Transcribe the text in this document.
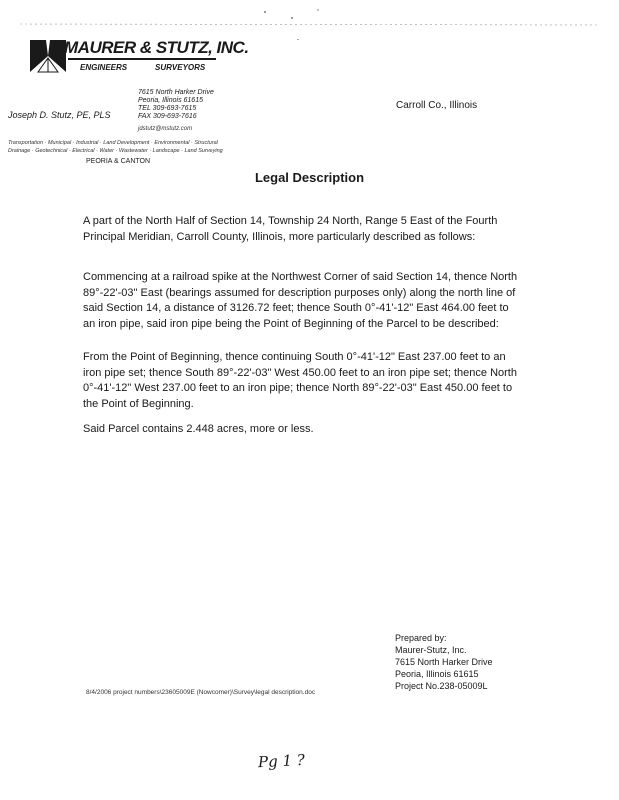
MAURER & STUTZ, INC.
ENGINEERS	SURVEYORS
7615 North Harker Drive
Peoria, Illinois 61615
TEL 309-693-7615
FAX 309-693-7616
Joseph D. Stutz, PE, PLS
jdstutz@mstutz.com
Transportation · Municipal · Industrial · Land Development · Environmental · Structural
Drainage · Geotechnical · Electrical · Water · Wastewater · Landscape · Land Surveying
PEORIA & CANTON
Carroll Co., Illinois
Legal Description

A part of the North Half of Section 14, Township 24 North, Range 5 East of the Fourth Principal Meridian, Carroll County, Illinois, more particularly described as follows:

Commencing at a railroad spike at the Northwest Corner of said Section 14, thence North 89°-22'-03" East (bearings assumed for description purposes only) along the north line of said Section 14, a distance of 3126.72 feet; thence South 0°-41'-12" East 464.00 feet to an iron pipe, said iron pipe being the Point of Beginning of the Parcel to be described:

From the Point of Beginning, thence continuing South 0°-41'-12" East 237.00 feet to an iron pipe set; thence South 89°-22'-03" West 450.00 feet to an iron pipe set; thence North 0°-41'-12" West 237.00 feet to an iron pipe; thence North 89°-22'-03" East 450.00 feet to the Point of Beginning.

Said Parcel contains 2.448 acres, more or less.

Prepared by:
Maurer-Stutz, Inc.
7615 North Harker Drive
Peoria, Illinois 61615
Project No.238-05009L
8/4/2006 project numbers\23605009E (Nowcomer)\Survey\legal description.doc
Pg 1 ?
